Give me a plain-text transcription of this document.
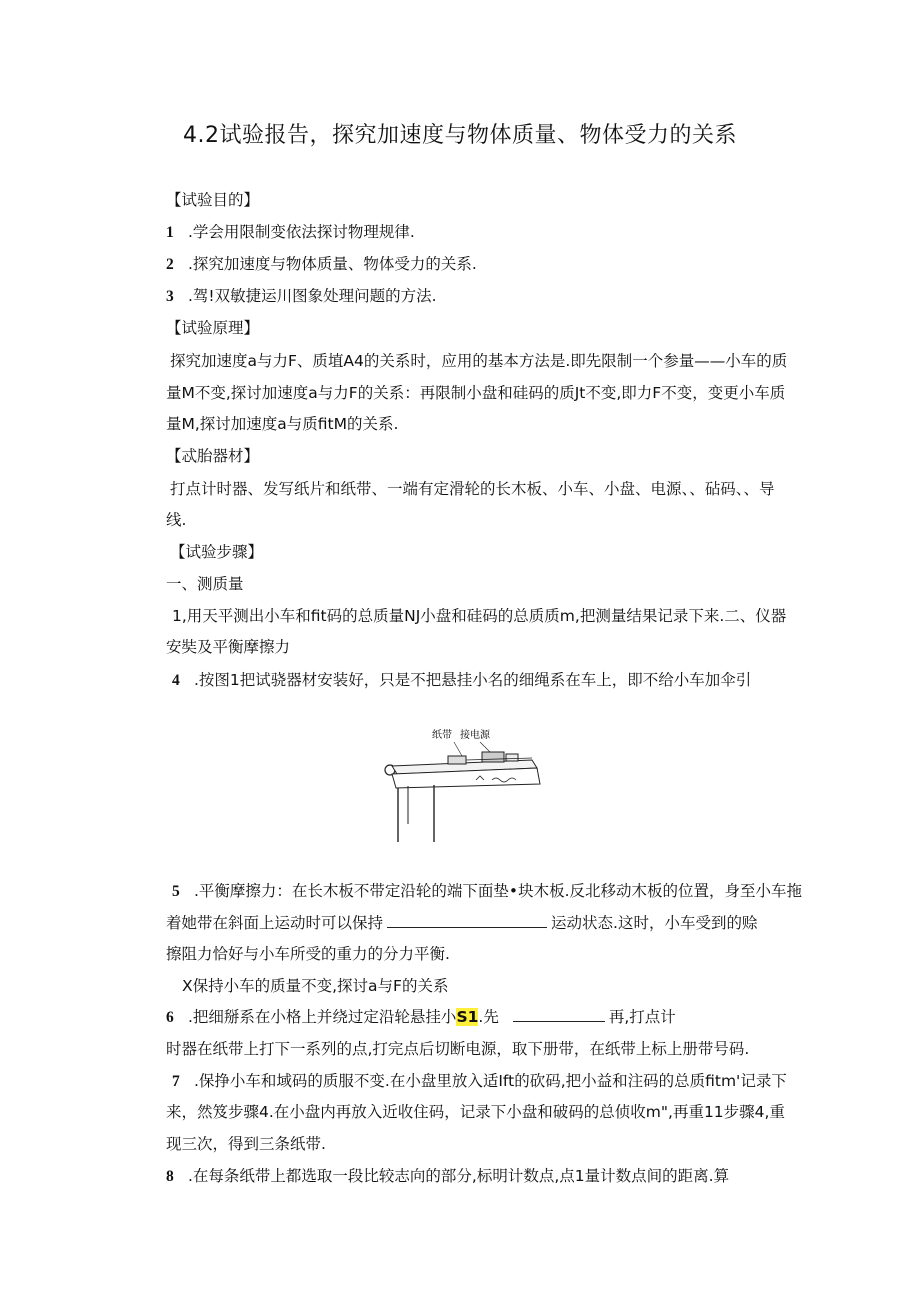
4.2试验报告，探究加速度与物体质量、物体受力的关系
【试验目的】
1 .学会用限制变依法探讨物理规律.
2 .探究加速度与物体质量、物体受力的关系.
3 .驾!双敏捷运川图象处理问题的方法.
【试验原理】
探究加速度a与力F、质埴A4的关系时，应用的基本方法是.即先限制一个参量——小车的质
量M不变,探讨加速度a与力F的关系：再限制小盘和硅码的质Jt不变,即力F不变，变更小车质
量M,探讨加速度a与质fitM的关系.
【忒胎器材】
打点计时器、发写纸片和纸带、一端有定滑轮的长木板、小车、小盘、电源、、砧码、、导
线.
【试验步骤】
一、测质量
1,用天平测出小车和fit码的总质量NJ小盘和硅码的总质质m,把测量结果记录下来.二、仪器
安奘及平衡摩擦力
4 .按图1把试骁器材安装好，只是不把悬挂小名的细绳系在车上，即不给小车加伞引
纸带 接电源
5 .平衡摩擦力：在长木板不带定沿轮的端下面垫•块木板.反北移动木板的位置，身至小车拖
着她带在斜面上运动时可以保持	运动状态.这时，小车受到的赊
擦阻力恰好与小车所受的重力的分力平衡.
X保持小车的质量不变,探讨a与F的关系
6 .把细掰系在小格上并绕过定沿轮悬挂小S1.先	再,打点计
时器在纸带上打下一系列的点,打完点后切断电源，取下册带，在纸带上标上册带号码.
7 .保挣小车和域码的质服不变.在小盘里放入适Ift的砍码,把小益和注码的总质fitm'记录下
来，然笈步骤4.在小盘内再放入近收住码，记录下小盘和破码的总侦收m",再重11步骤4,重
现三次，得到三条纸带.
8 .在每条纸带上都选取一段比较志向的部分,标明计数点,点1量计数点间的距离.算
